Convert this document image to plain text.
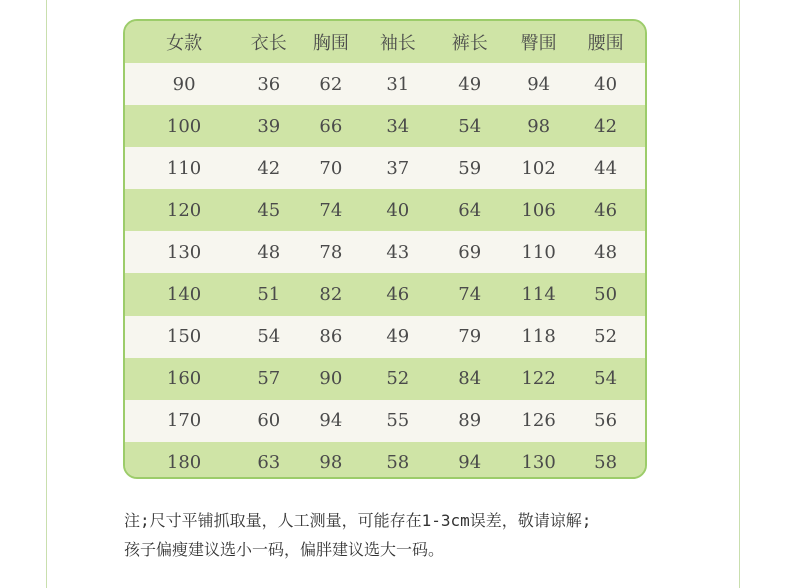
女款	衣长	胸围	袖长	裤长	臀围	腰围
90	36	62	31	49	94	40
100	39	66	34	54	98	42
110	42	70	37	59	102	44
120	45	74	40	64	106	46
130	48	78	43	69	110	48
140	51	82	46	74	114	50
150	54	86	49	79	118	52
160	57	90	52	84	122	54
170	60	94	55	89	126	56
180	63	98	58	94	130	58
注;尺寸平铺抓取量，人工测量，可能存在1-3cm误差，敬请谅解;
孩子偏瘦建议选小一码，偏胖建议选大一码。
